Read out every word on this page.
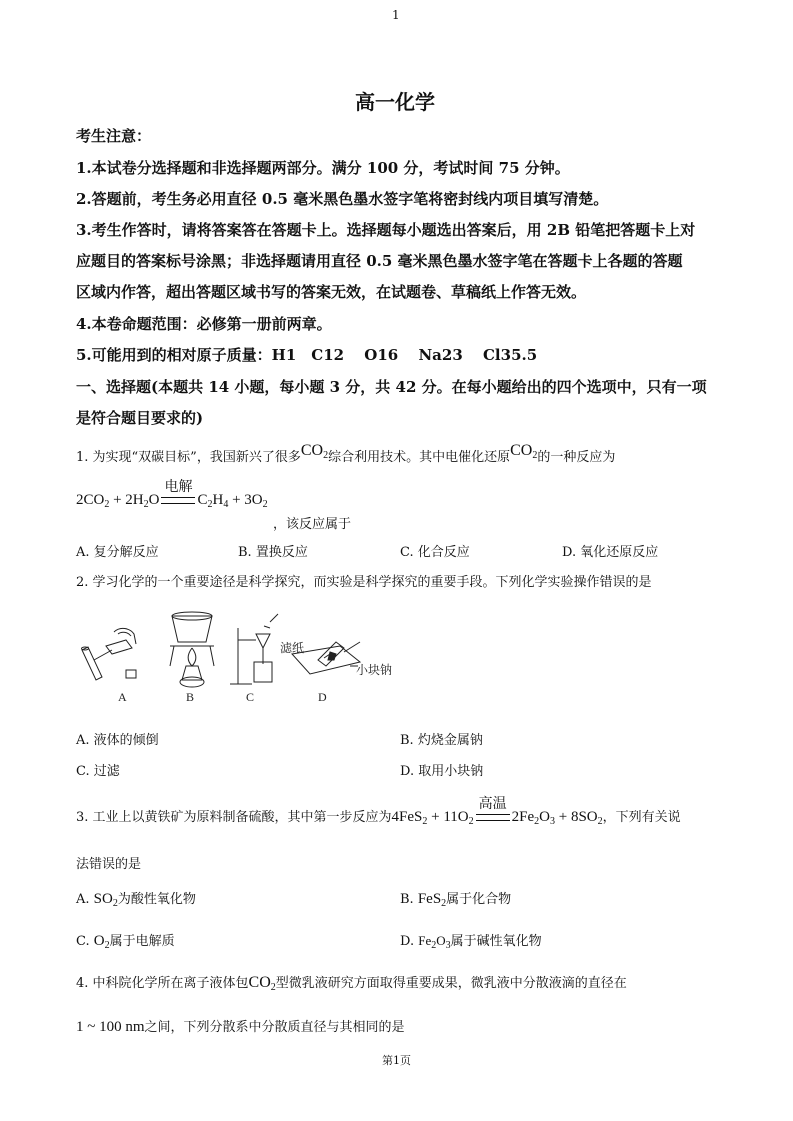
1
高一化学
考生注意：
1.本试卷分选择题和非选择题两部分。满分 100 分，考试时间 75 分钟。
2.答题前，考生务必用直径 0.5 毫米黑色墨水签字笔将密封线内项目填写清楚。
3.考生作答时，请将答案答在答题卡上。选择题每小题选出答案后，用 2B 铅笔把答题卡上对
应题目的答案标号涂黑；非选择题请用直径 0.5 毫米黑色墨水签字笔在答题卡上各题的答题
区域内作答，超出答题区域书写的答案无效，在试题卷、草稿纸上作答无效。
4.本卷命题范围：必修第一册前两章。
5.可能用到的相对原子质量：H1　C12　 O16　 Na23　 Cl35.5
一、选择题(本题共 14 小题，每小题 3 分，共 42 分。在每小题给出的四个选项中，只有一项
是符合题目要求的)
1. 为实现“双碳目标”，我国新兴了很多$CO_2$综合利用技术。其中电催化还原$CO_2$的一种反应为
$2CO_2 + 2H_2O$
电解
$C_2H_4 + 3O_2$
，该反应属于
A. 复分解反应	B. 置换反应	C. 化合反应	D. 氧化还原反应
2. 学习化学的一个重要途径是科学探究，而实验是科学探究的重要手段。下列化学实验操作错误的是
A	B	C	D
滤纸
小块钠
A. 液体的倾倒	B. 灼烧金属钠
C. 过滤	D. 取用小块钠
3. 工业上以黄铁矿为原料制备硫酸，其中第一步反应为$4FeS_2 + 11O_2$
高温
$2Fe_2O_3 + 8SO_2$，下列有关说
法错误的是
A. $SO_2$为酸性氧化物	B. FeS$_2$属于化合物
C. $O_2$属于电解质	D. $Fe_2O_3$属于碱性氧化物
4. 中科院化学所在离子液体包$CO_2$型微乳液研究方面取得重要成果，微乳液中分散液滴的直径在
1 ~ 100 nm之间，下列分散系中分散质直径与其相同的是
第1页
